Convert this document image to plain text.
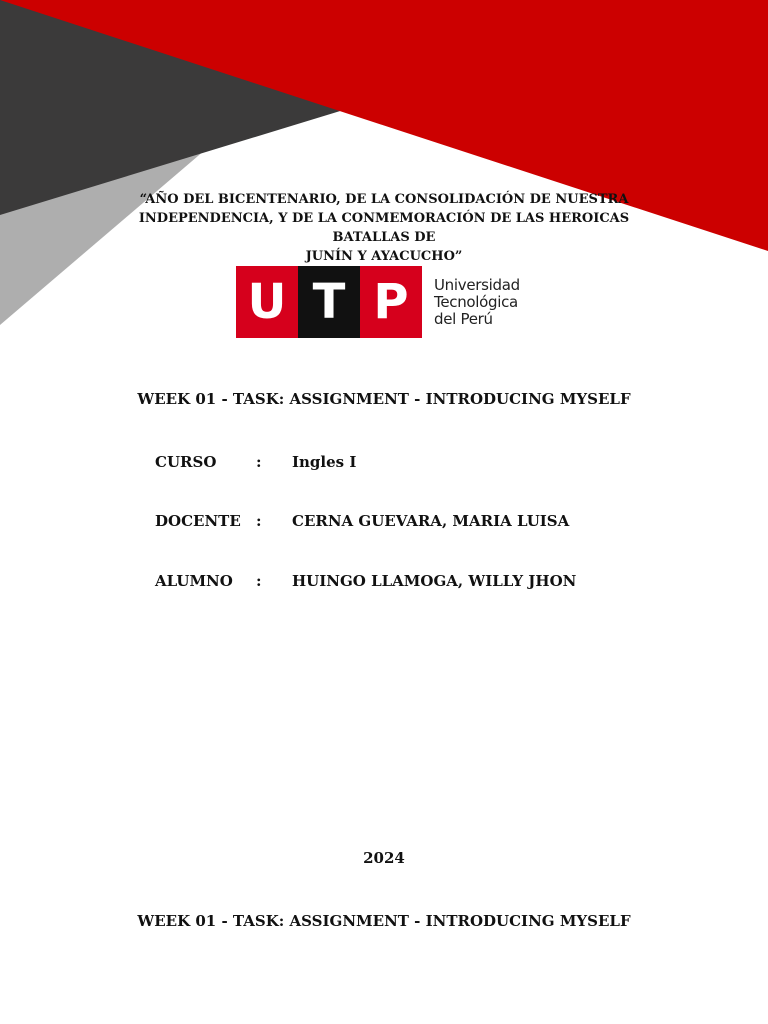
“AÑO DEL BICENTENARIO, DE LA CONSOLIDACIÓN DE NUESTRA
INDEPENDENCIA, Y DE LA CONMEMORACIÓN DE LAS HEROICAS BATALLAS DE
JUNÍN Y AYACUCHO”
U T P	Universidad
Tecnológica
del Perú
WEEK 01 - TASK: ASSIGNMENT - INTRODUCING MYSELF
CURSO	: Ingles I
DOCENTE : CERNA GUEVARA, MARIA LUISA
ALUMNO : HUINGO LLAMOGA, WILLY JHON
2024
WEEK 01 - TASK: ASSIGNMENT - INTRODUCING MYSELF
